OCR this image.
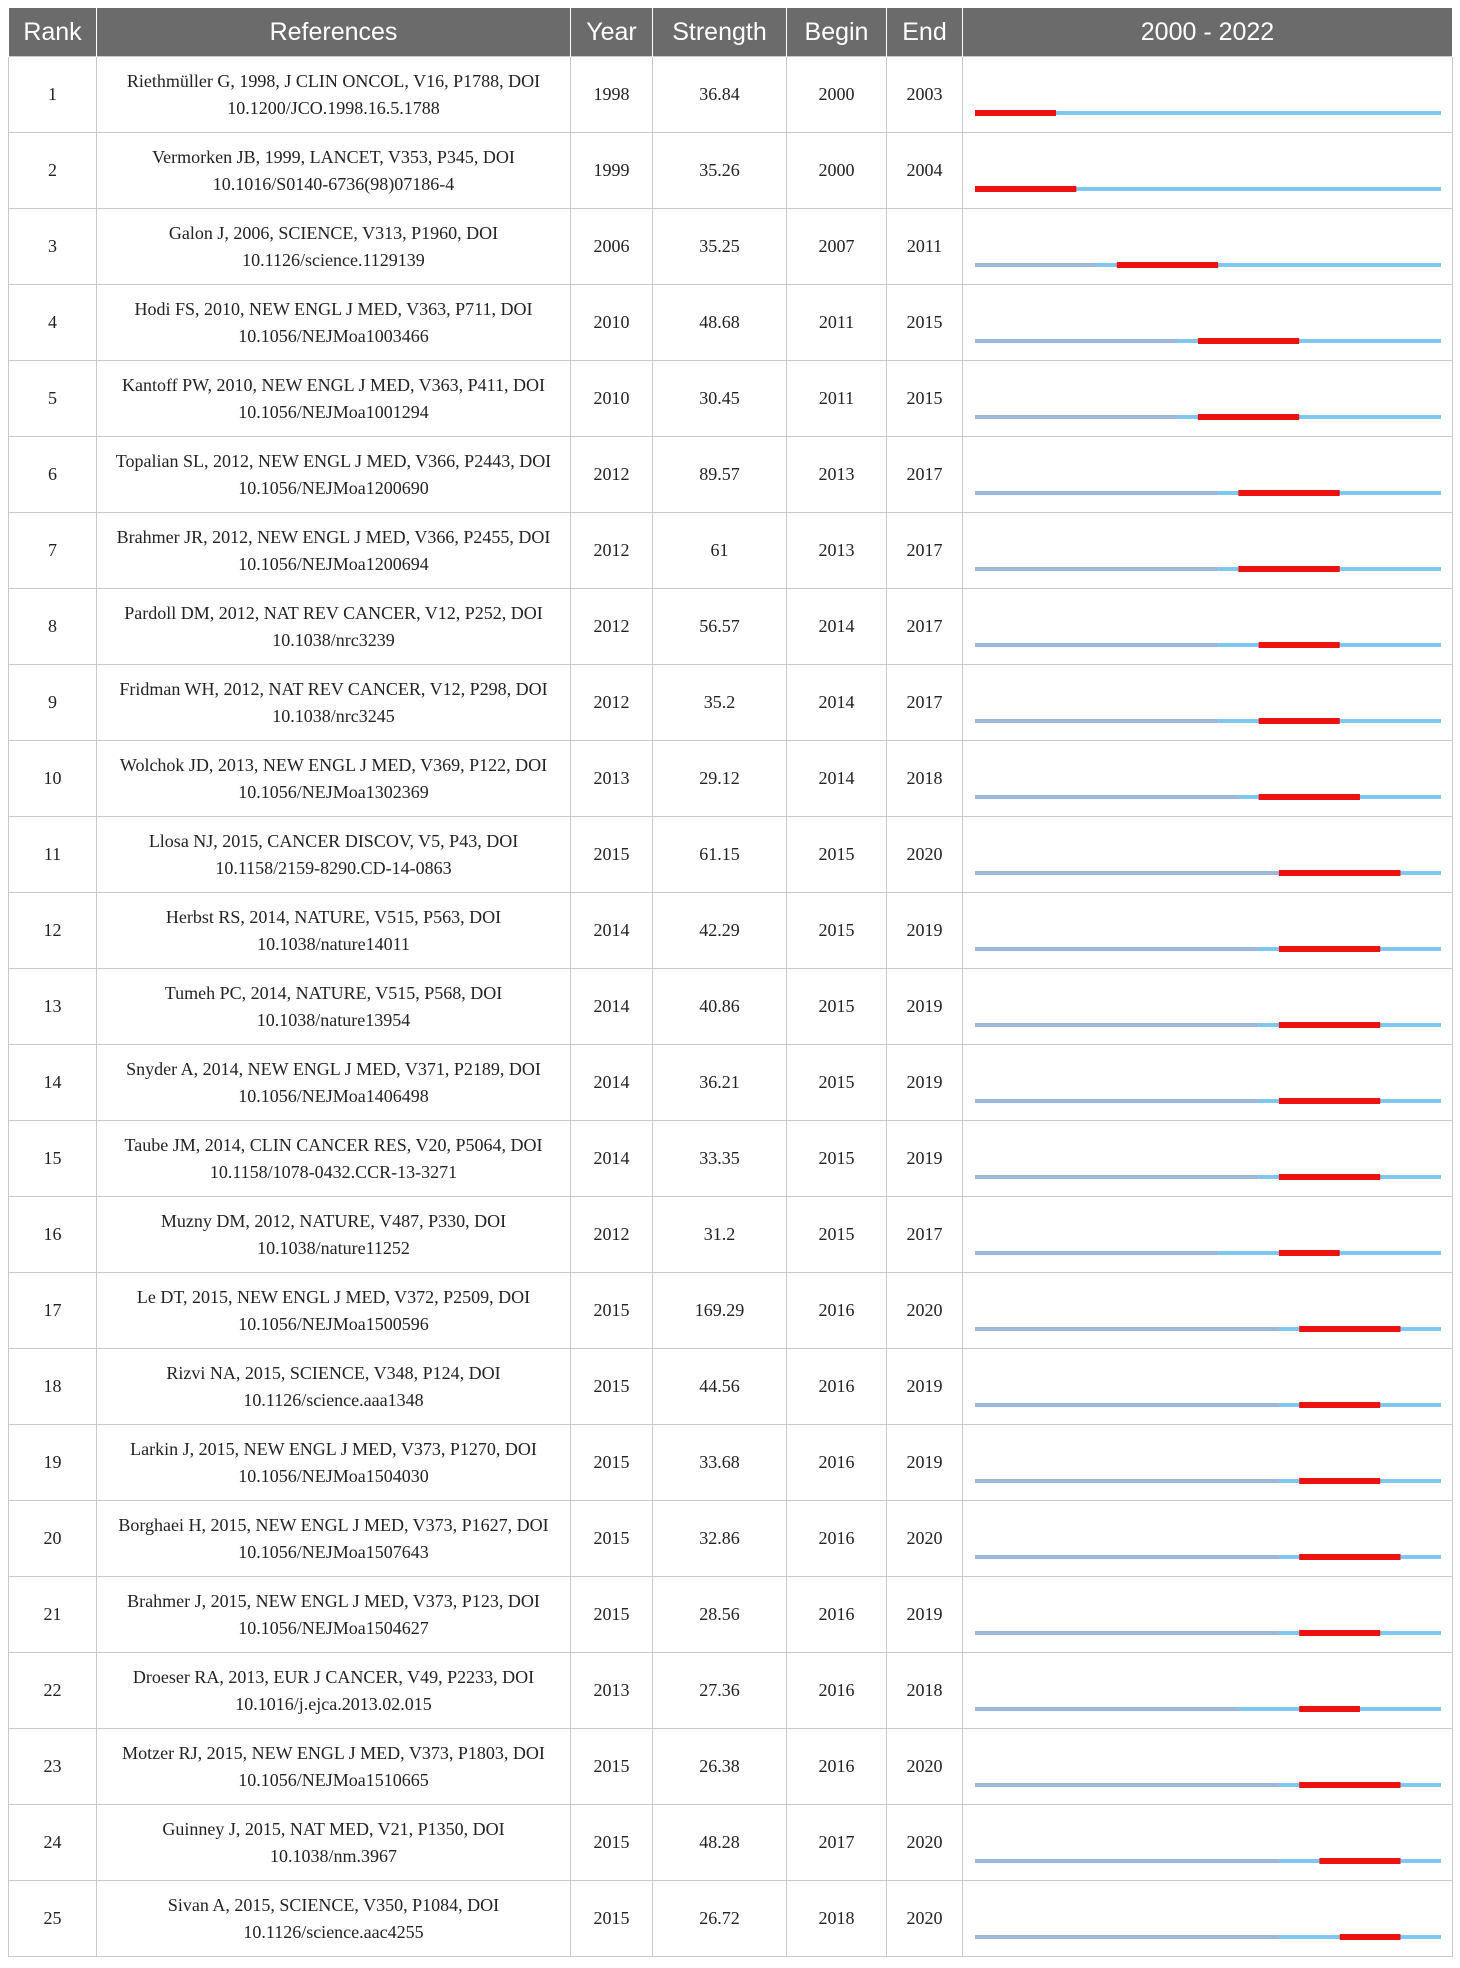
Rank	References	Year	Strength	Begin	End	2000 - 2022
1	Riethmüller G, 1998, J CLIN ONCOL, V16, P1788, DOI 10.1200/JCO.1998.16.5.1788	1998	36.84	2000	2003	

2	Vermorken JB, 1999, LANCET, V353, P345, DOI 10.1016/S0140-6736(98)07186-4	1999	35.26	2000	2004	

3	Galon J, 2006, SCIENCE, V313, P1960, DOI 10.1126/science.1129139	2006	35.25	2007	2011	

4	Hodi FS, 2010, NEW ENGL J MED, V363, P711, DOI 10.1056/NEJMoa1003466	2010	48.68	2011	2015	

5	Kantoff PW, 2010, NEW ENGL J MED, V363, P411, DOI 10.1056/NEJMoa1001294	2010	30.45	2011	2015	

6	Topalian SL, 2012, NEW ENGL J MED, V366, P2443, DOI 10.1056/NEJMoa1200690	2012	89.57	2013	2017	

7	Brahmer JR, 2012, NEW ENGL J MED, V366, P2455, DOI 10.1056/NEJMoa1200694	2012	61	2013	2017	

8	Pardoll DM, 2012, NAT REV CANCER, V12, P252, DOI 10.1038/nrc3239	2012	56.57	2014	2017	

9	Fridman WH, 2012, NAT REV CANCER, V12, P298, DOI 10.1038/nrc3245	2012	35.2	2014	2017	

10	Wolchok JD, 2013, NEW ENGL J MED, V369, P122, DOI 10.1056/NEJMoa1302369	2013	29.12	2014	2018	

11	Llosa NJ, 2015, CANCER DISCOV, V5, P43, DOI 10.1158/2159-8290.CD-14-0863	2015	61.15	2015	2020	

12	Herbst RS, 2014, NATURE, V515, P563, DOI 10.1038/nature14011	2014	42.29	2015	2019	

13	Tumeh PC, 2014, NATURE, V515, P568, DOI 10.1038/nature13954	2014	40.86	2015	2019	

14	Snyder A, 2014, NEW ENGL J MED, V371, P2189, DOI 10.1056/NEJMoa1406498	2014	36.21	2015	2019	

15	Taube JM, 2014, CLIN CANCER RES, V20, P5064, DOI 10.1158/1078-0432.CCR-13-3271	2014	33.35	2015	2019	

16	Muzny DM, 2012, NATURE, V487, P330, DOI 10.1038/nature11252	2012	31.2	2015	2017	

17	Le DT, 2015, NEW ENGL J MED, V372, P2509, DOI 10.1056/NEJMoa1500596	2015	169.29	2016	2020	

18	Rizvi NA, 2015, SCIENCE, V348, P124, DOI 10.1126/science.aaa1348	2015	44.56	2016	2019	

19	Larkin J, 2015, NEW ENGL J MED, V373, P1270, DOI 10.1056/NEJMoa1504030	2015	33.68	2016	2019	

20	Borghaei H, 2015, NEW ENGL J MED, V373, P1627, DOI 10.1056/NEJMoa1507643	2015	32.86	2016	2020	

21	Brahmer J, 2015, NEW ENGL J MED, V373, P123, DOI 10.1056/NEJMoa1504627	2015	28.56	2016	2019	

22	Droeser RA, 2013, EUR J CANCER, V49, P2233, DOI 10.1016/j.ejca.2013.02.015	2013	27.36	2016	2018	

23	Motzer RJ, 2015, NEW ENGL J MED, V373, P1803, DOI 10.1056/NEJMoa1510665	2015	26.38	2016	2020	

24	Guinney J, 2015, NAT MED, V21, P1350, DOI 10.1038/nm.3967	2015	48.28	2017	2020	

25	Sivan A, 2015, SCIENCE, V350, P1084, DOI 10.1126/science.aac4255	2015	26.72	2018	2020	
